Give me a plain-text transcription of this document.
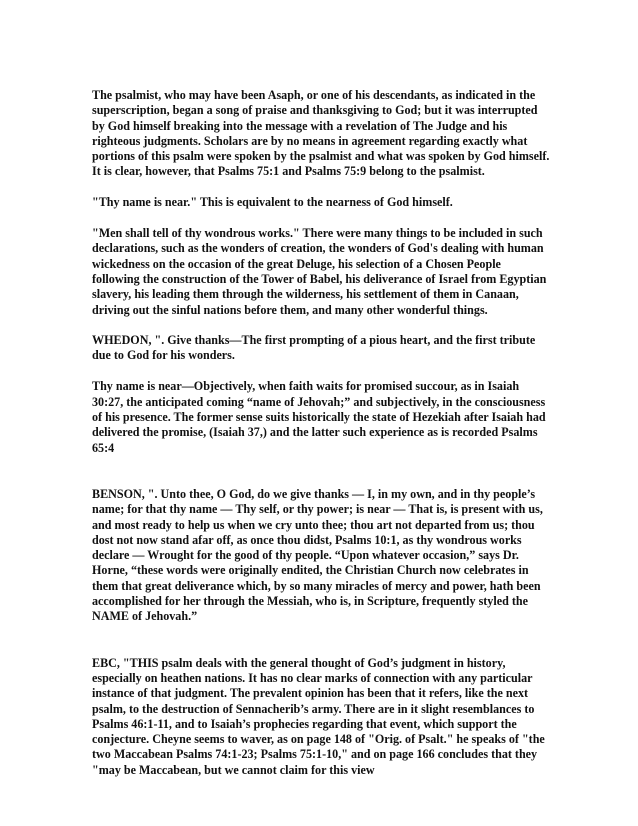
The psalmist, who may have been Asaph, or one of his descendants, as indicated in the superscription, began a song of praise and thanksgiving to God; but it was interrupted by God himself breaking into the message with a revelation of The Judge and his righteous judgments. Scholars are by no means in agreement regarding exactly what portions of this psalm were spoken by the psalmist and what was spoken by God himself. It is clear, however, that Psalms 75:1 and Psalms 75:9 belong to the psalmist.

"Thy name is near." This is equivalent to the nearness of God himself.

"Men shall tell of thy wondrous works." There were many things to be included in such declarations, such as the wonders of creation, the wonders of God's dealing with human wickedness on the occasion of the great Deluge, his selection of a Chosen People following the construction of the Tower of Babel, his deliverance of Israel from Egyptian slavery, his leading them through the wilderness, his settlement of them in Canaan, driving out the sinful nations before them, and many other wonderful things.

WHEDON, ". Give thanks—The first prompting of a pious heart, and the first tribute due to God for his wonders.

Thy name is near—Objectively, when faith waits for promised succour, as in Isaiah 30:27, the anticipated coming “name of Jehovah;” and subjectively, in the consciousness of his presence. The former sense suits historically the state of Hezekiah after Isaiah had delivered the promise, (Isaiah 37,) and the latter such experience as is recorded Psalms 65:4

BENSON, ". Unto thee, O God, do we give thanks — I, in my own, and in thy people’s name; for that thy name — Thy self, or thy power; is near — That is, is present with us, and most ready to help us when we cry unto thee; thou art not departed from us; thou dost not now stand afar off, as once thou didst, Psalms 10:1, as thy wondrous works declare — Wrought for the good of thy people. “Upon whatever occasion,” says Dr. Horne, “these words were originally endited, the Christian Church now celebrates in them that great deliverance which, by so many miracles of mercy and power, hath been accomplished for her through the Messiah, who is, in Scripture, frequently styled the NAME of Jehovah.”

EBC, "THIS psalm deals with the general thought of God’s judgment in history, especially on heathen nations. It has no clear marks of connection with any particular instance of that judgment. The prevalent opinion has been that it refers, like the next psalm, to the destruction of Sennacherib’s army. There are in it slight resemblances to Psalms 46:1-11, and to Isaiah’s prophecies regarding that event, which support the conjecture. Cheyne seems to waver, as on page 148 of "Orig. of Psalt." he speaks of "the two Maccabean Psalms 74:1-23; Psalms 75:1-10," and on page 166 concludes that they "may be Maccabean, but we cannot claim for this view
